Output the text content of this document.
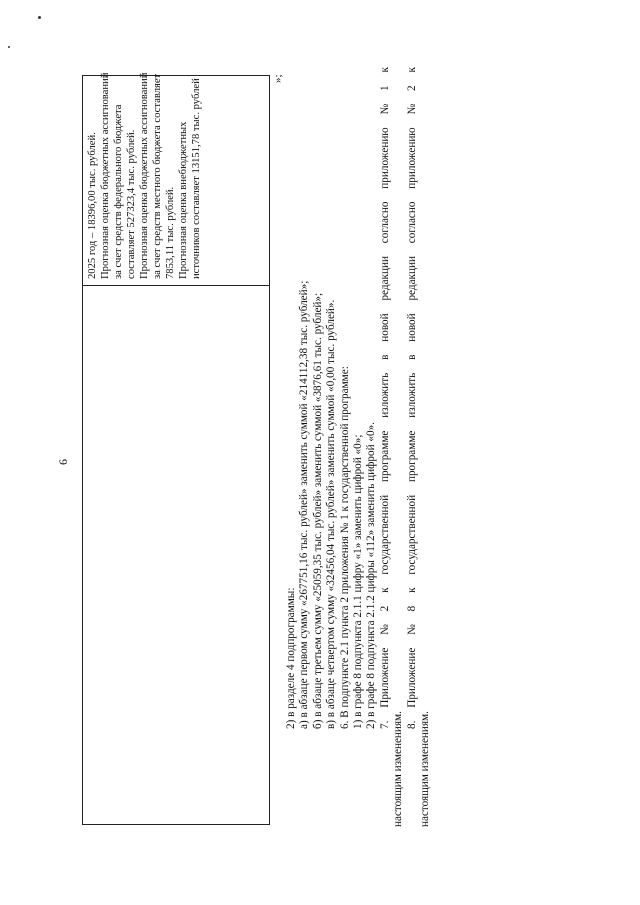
6
2025 год – 18396,00 тыс. рублей. Прогнозная оценка бюджетных ассигнований за счет средств федерального бюджета составляет 527323,4 тыс. рублей. Прогнозная оценка бюджетных ассигнований за счет средств местного бюджета составляет 7853,11 тыс. рублей. Прогнозная оценка внебюджетных источников составляет 13151,78 тыс. рублей	»;

2) в разделе 4 подпрограммы: а) в абзаце первом сумму «267751,16 тыс. рублей» заменить суммой «214112,38 тыс. рублей»; б) в абзаце третьем сумму «25059,35 тыс. рублей» заменить суммой «3876,61 тыс. рублей»; в) в абзаце четвертом сумму «32456,04 тыс. рублей» заменить суммой «0,00 тыс. рублей». 6. В подпункте 2.1 пункта 2 приложения № 1 к государственной программе: 1) в графе 8 подпункта 2.1.1 цифру «1» заменить цифрой «0»; 2) в графе 8 подпункта 2.1.2 цифры «112» заменить цифрой «0». 7.
Приложение
№
2
к
государственной
программе
изложить
в
новой
редакции
согласно
приложению
№
1
к

настоящим изменениям. 8.
Приложение
№
8
к
государственной
программе
изложить
в
новой
редакции
согласно
приложению
№
2
к

настоящим изменениям.
